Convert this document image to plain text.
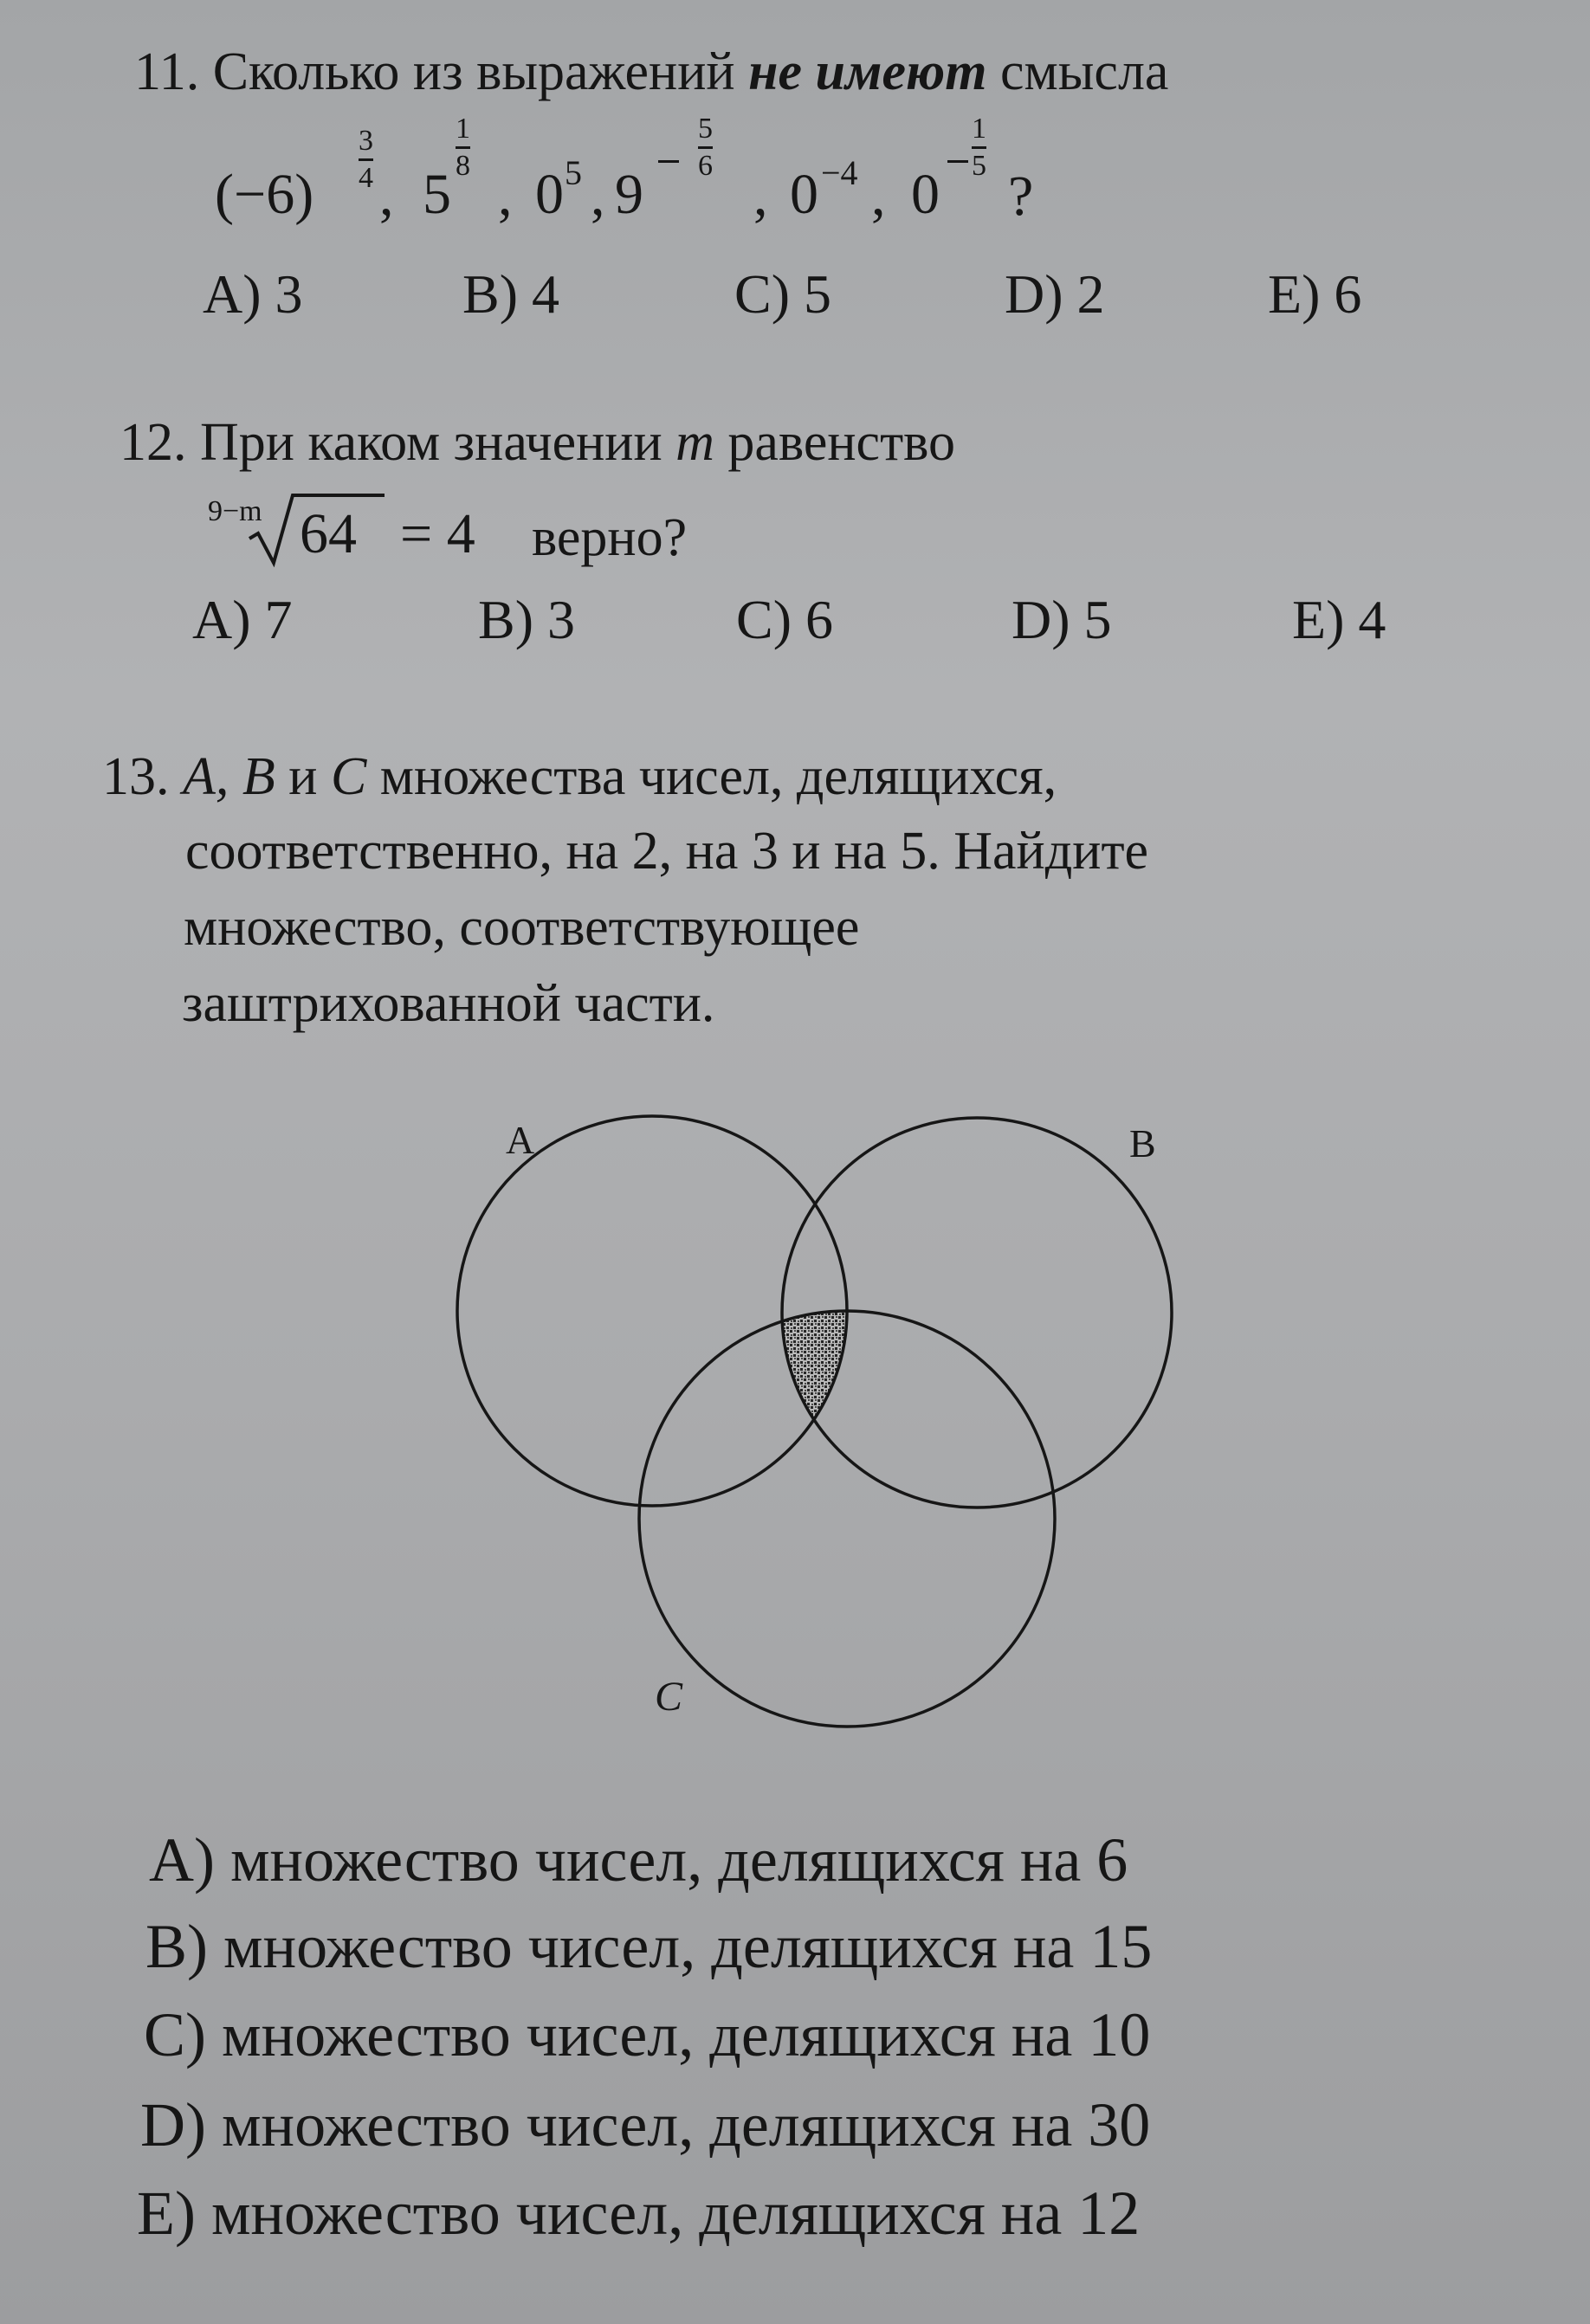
11. Сколько из выражений не имеют смысла
(−6)
3
4 , 5
1
8 , 0 5 , 9
5
6 , 0 −4 , 0
1
5 ?
A) 3	B) 4	C) 5	D) 2	E) 6
12. При каком значении m равенство
9−m 64 = 4 верно?
A) 7	B) 3	C) 6	D) 5	E) 4
13. A, B и C множества чисел, делящихся,
соответственно, на 2, на 3 и на 5. Найдите
множество, соответствующее
заштрихованной части.
A	B
C
A) множество чисел, делящихся на 6
B) множество чисел, делящихся на 15
C) множество чисел, делящихся на 10
D) множество чисел, делящихся на 30
E) множество чисел, делящихся на 12
